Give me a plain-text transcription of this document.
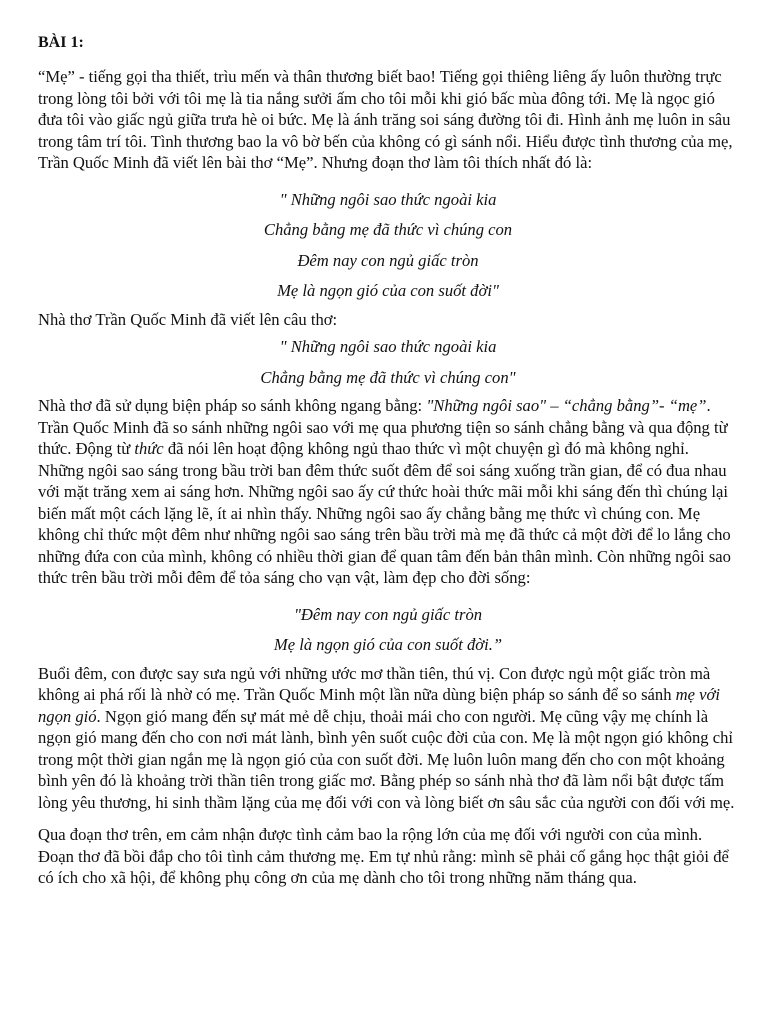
BÀI 1:

“Mẹ” - tiếng gọi tha thiết, trìu mến và thân thương biết bao! Tiếng gọi thiêng liêng ấy luôn thường trực trong lòng tôi bởi với tôi mẹ là tia nắng sưởi ấm cho tôi mỗi khi gió bấc mùa đông tới. Mẹ là ngọc gió đưa tôi vào giấc ngủ giữa trưa hè oi bức. Mẹ là ánh trăng soi sáng đường tôi đi. Hình ảnh mẹ luôn in sâu trong tâm trí tôi. Tình thương bao la vô bờ bến của không có gì sánh nổi. Hiểu được tình thương của mẹ, Trần Quốc Minh đã viết lên bài thơ “Mẹ”. Nhưng đoạn thơ làm tôi thích nhất đó là:

" Những ngôi sao thức ngoài kia
Chẳng bằng mẹ đã thức vì chúng con
Đêm nay con ngủ giấc tròn
Mẹ là ngọn gió của con suốt đời"

Nhà thơ Trần Quốc Minh đã viết lên câu thơ:

" Những ngôi sao thức ngoài kia
Chẳng bằng mẹ đã thức vì chúng con"

Nhà thơ đã sử dụng biện pháp so sánh không ngang bằng: "Những ngôi sao" – “chẳng bằng”- “mẹ”. Trần Quốc Minh đã so sánh những ngôi sao với mẹ qua phương tiện so sánh chẳng bằng và qua động từ thức. Động từ thức đã nói lên hoạt động không ngủ thao thức vì một chuyện gì đó mà không nghỉ. Những ngôi sao sáng trong bầu trời ban đêm thức suốt đêm để soi sáng xuống trần gian, để có đua nhau với mặt trăng xem ai sáng hơn. Những ngôi sao ấy cứ thức hoài thức mãi mỗi khi sáng đến thì chúng lại biến mất một cách lặng lẽ, ít ai nhìn thấy. Những ngôi sao ấy chẳng bằng mẹ thức vì chúng con. Mẹ không chỉ thức một đêm như những ngôi sao sáng trên bầu trời mà mẹ đã thức cả một đời để lo lắng cho những đứa con của mình, không có nhiều thời gian để quan tâm đến bản thân mình. Còn những ngôi sao thức trên bầu trời mỗi đêm để tỏa sáng cho vạn vật, làm đẹp cho đời sống:

"Đêm nay con ngủ giấc tròn
Mẹ là ngọn gió của con suốt đời.”

Buổi đêm, con được say sưa ngủ với những ước mơ thần tiên, thú vị. Con được ngủ một giấc tròn mà không ai phá rối là nhờ có mẹ. Trần Quốc Minh một lần nữa dùng biện pháp so sánh để so sánh mẹ với ngọn gió. Ngọn gió mang đến sự mát mẻ dễ chịu, thoải mái cho con người. Mẹ cũng vậy mẹ chính là ngọn gió mang đến cho con nơi mát lành, bình yên suốt cuộc đời của con. Mẹ là một ngọn gió không chỉ trong một thời gian ngắn mẹ là ngọn gió của con suốt đời. Mẹ luôn luôn mang đến cho con một khoảng bình yên đó là khoảng trời thần tiên trong giấc mơ. Bằng phép so sánh nhà thơ đã làm nổi bật được tấm lòng yêu thương, hi sinh thầm lặng của mẹ đối với con và lòng biết ơn sâu sắc của người con đối với mẹ.

Qua đoạn thơ trên, em cảm nhận được tình cảm bao la rộng lớn của mẹ đối với người con của mình. Đoạn thơ đã bồi đắp cho tôi tình cảm thương mẹ. Em tự nhủ rằng: mình sẽ phải cố gắng học thật giỏi để có ích cho xã hội, để không phụ công ơn của mẹ dành cho tôi trong những năm tháng qua.
